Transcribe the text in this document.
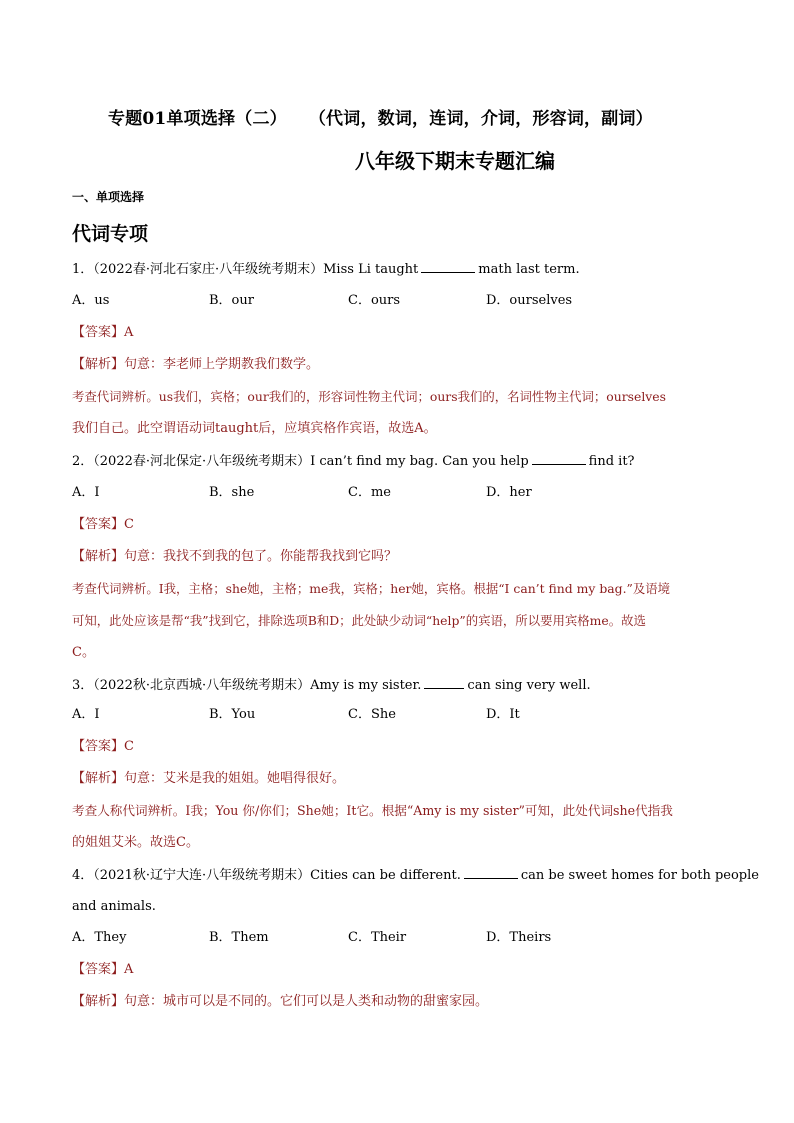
专题01单项选择（二） （代词，数词，连词，介词，形容词，副词）
八年级下期末专题汇编
一、单项选择
代词专项
1．（2022春·河北石家庄·八年级统考期末）Miss Li taught	math last term.
A．us	B．our	C．ours	D．ourselves
【答案】A
【解析】句意：李老师上学期教我们数学。
考查代词辨析。us我们，宾格；our我们的，形容词性物主代词；ours我们的，名词性物主代词；ourselves
我们自己。此空谓语动词taught后，应填宾格作宾语，故选A。
2．（2022春·河北保定·八年级统考期末）I can’t find my bag. Can you help	find it?
A．I	B．she	C．me	D．her
【答案】C
【解析】句意：我找不到我的包了。你能帮我找到它吗？
考查代词辨析。I我，主格；she她，主格；me我，宾格；her她，宾格。根据“I can’t find my bag.”及语境
可知，此处应该是帮“我”找到它，排除选项B和D；此处缺少动词“help”的宾语，所以要用宾格me。故选
C。
3．（2022秋·北京西城·八年级统考期末）Amy is my sister.	can sing very well.
A．I	B．You	C．She	D．It
【答案】C
【解析】句意：艾米是我的姐姐。她唱得很好。
考查人称代词辨析。I我；You 你/你们；She她；It它。根据“Amy is my sister”可知，此处代词she代指我
的姐姐艾米。故选C。
4．（2021秋·辽宁大连·八年级统考期末）Cities can be different.	can be sweet homes for both people
and animals.
A．They	B．Them	C．Their	D．Theirs
【答案】A
【解析】句意：城市可以是不同的。它们可以是人类和动物的甜蜜家园。
